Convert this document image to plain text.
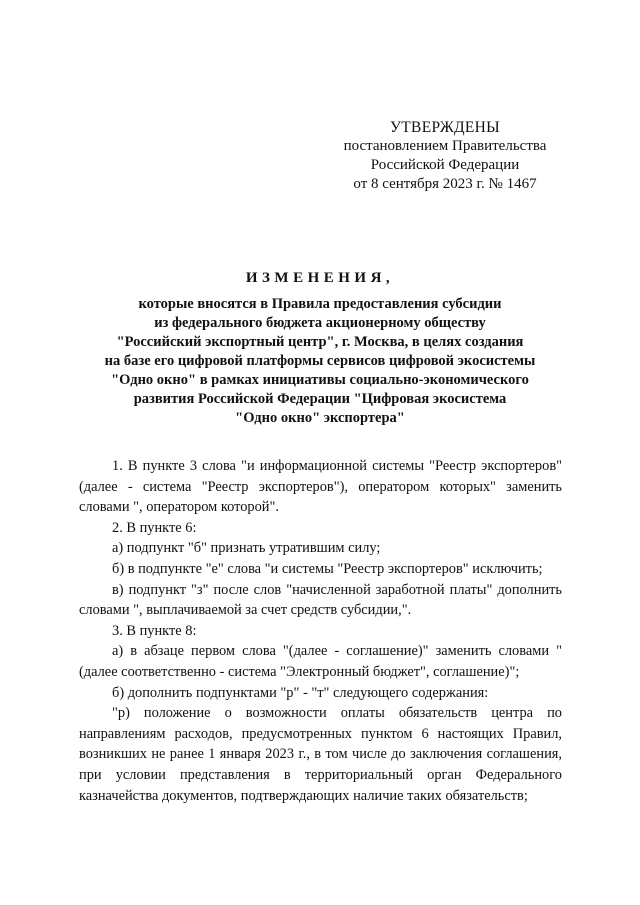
УТВЕРЖДЕНЫ
постановлением Правительства
Российской Федерации
от 8 сентября 2023 г. № 1467
ИЗМЕНЕНИЯ,
которые вносятся в Правила предоставления субсидии
из федерального бюджета акционерному обществу
"Российский экспортный центр", г. Москва, в целях создания
на базе его цифровой платформы сервисов цифровой экосистемы
"Одно окно" в рамках инициативы социально-экономического
развития Российской Федерации "Цифровая экосистема
"Одно окно" экспортера"

1. В пункте 3 слова "и информационной системы "Реестр экспортеров" (далее - система "Реестр экспортеров"), оператором которых" заменить словами ", оператором которой".

2. В пункте 6:

а) подпункт "б" признать утратившим силу;

б) в подпункте "е" слова "и системы "Реестр экспортеров" исключить;

в) подпункт "з" после слов "начисленной заработной платы" дополнить словами ", выплачиваемой за счет средств субсидии,".

3. В пункте 8:

а) в абзаце первом слова "(далее - соглашение)" заменить словами "(далее соответственно - система "Электронный бюджет", соглашение)";

б) дополнить подпунктами "р" - "т" следующего содержания:

"р) положение о возможности оплаты обязательств центра по направлениям расходов, предусмотренных пунктом 6 настоящих Правил, возникших не ранее 1 января 2023 г., в том числе до заключения соглашения, при условии представления в территориальный орган Федерального казначейства документов, подтверждающих наличие таких обязательств;
